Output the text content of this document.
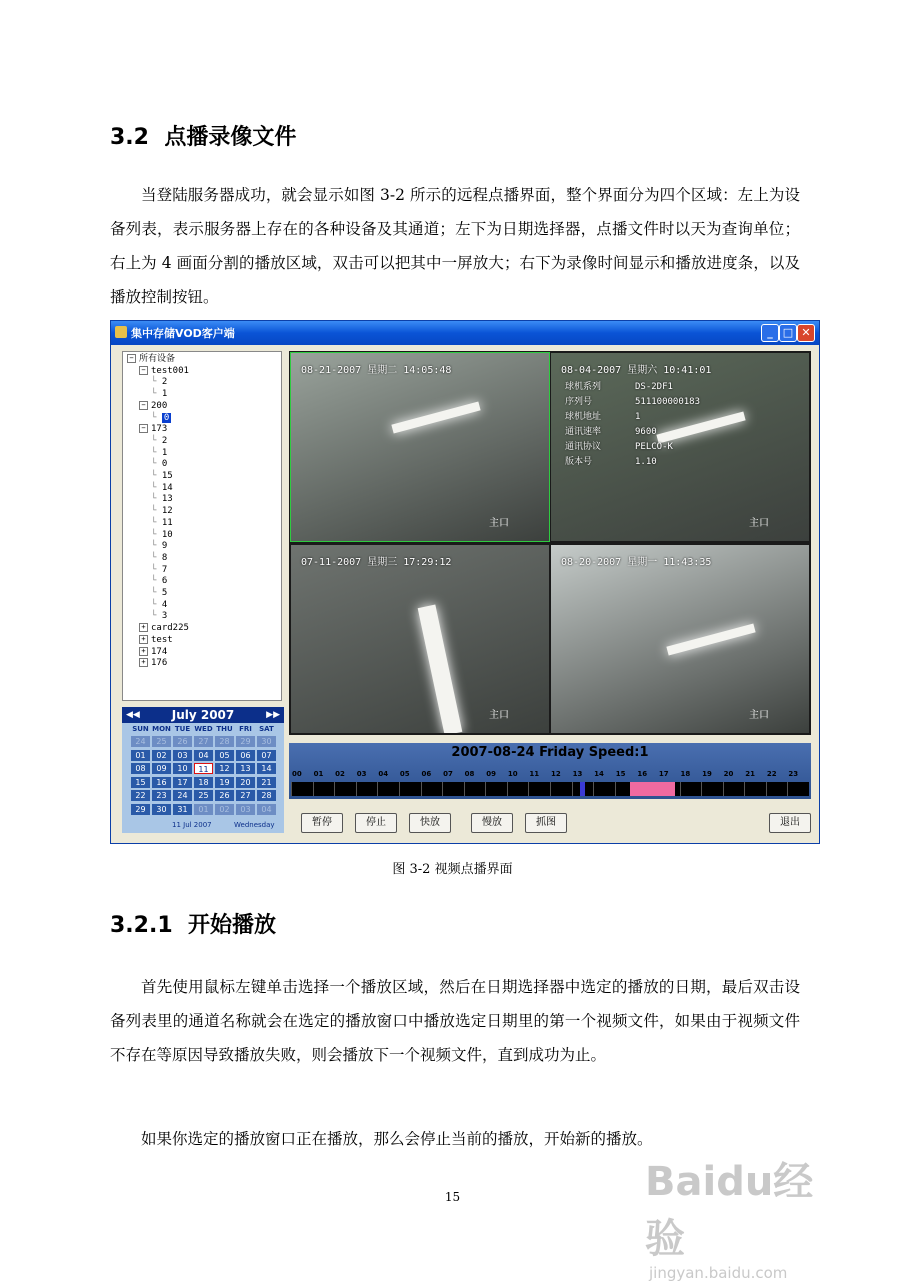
3.2 点播录像文件

当登陆服务器成功，就会显示如图 3-2 所示的远程点播界面，整个界面分为四个区域：左上为设备列表，表示服务器上存在的各种设备及其通道；左下为日期选择器，点播文件时以天为查询单位；右上为 4 画面分割的播放区域，双击可以把其中一屏放大；右下为录像时间显示和播放进度条，以及播放控制按钮。

集中存储VOD客户端	_ □ ✕
− 所有设备
− test001
└ 2
└ 1
− 200
└ 0
− 173
└ 2
└ 1
└ 0
└ 15
└ 14
└ 13
└ 12
└ 11
└ 10
└ 9
└ 8
└ 7
└ 6
└ 5
└ 4
└ 3
+ card225
+ test
+ 174
+ 176
July 2007
◀◀	▶▶
11 Jul 2007	Wednesday
SUN MON TUE WED THU FRI	SAT
24	25	26	27	28	29	30
01	02	03	04	05	06	07
08	09	10	11	12	13	14
15	16	17	18	19	20	21
22	23	24	25	26	27	28
29	30	31	01	02	03	04
08-21-2007 星期二 14:05:48
主口
08-04-2007 星期六 10:41:01
球机系列	DS-2DF1
序列号	511100000183
球机地址	1
通讯速率	9600
通讯协议	PELCO-K
版本号	1.10
主口
07-11-2007 星期三 17:29:12
主口
08-20-2007 星期一 11:43:35
主口
2007-08-24 Friday Speed:1
00 01 02 03 04 05 06 07 08 09 10 11 12 13 14 15 16 17 18 19 20 21 22 23
暂停	停止	快放	慢放	抓图	退出
图 3-2 视频点播界面
3.2.1 开始播放

首先使用鼠标左键单击选择一个播放区域，然后在日期选择器中选定的播放的日期，最后双击设备列表里的通道名称就会在选定的播放窗口中播放选定日期里的第一个视频文件，如果由于视频文件不存在等原因导致播放失败，则会播放下一个视频文件，直到成功为止。

如果你选定的播放窗口正在播放，那么会停止当前的播放，开始新的播放。

15	Baidu经验
jingyan.baidu.com
